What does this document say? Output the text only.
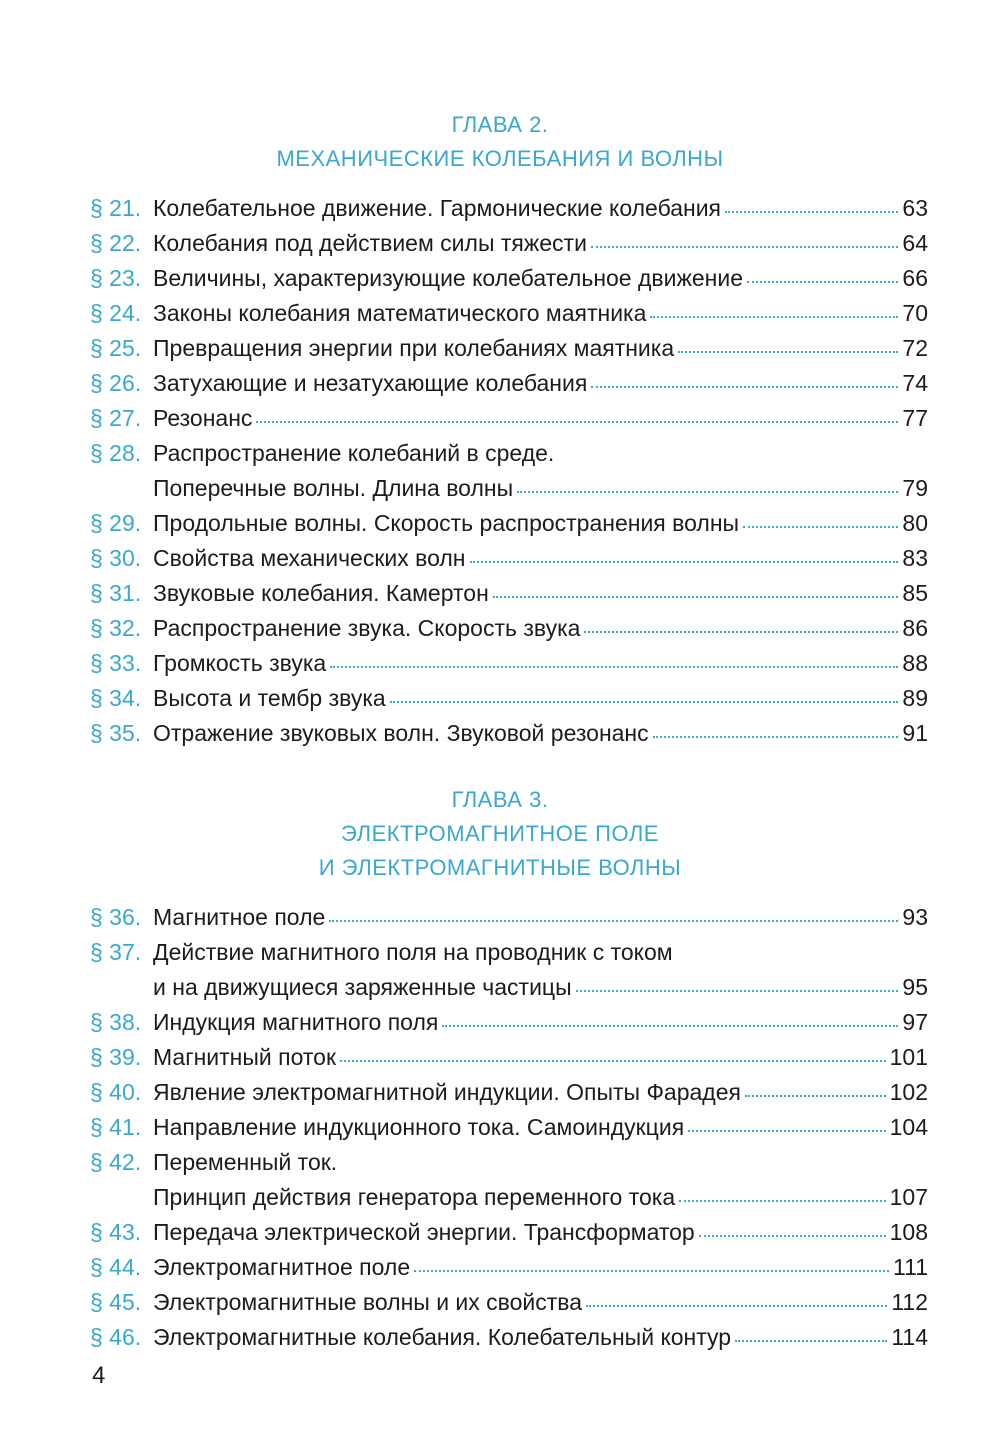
ГЛАВА 2.
МЕХАНИЧЕСКИЕ КОЛЕБАНИЯ И ВОЛНЫ
§ 21. Колебательное движение. Гармонические колебания	63
§ 22. Колебания под действием силы тяжести	64
§ 23. Величины, характеризующие колебательное движение	66
§ 24. Законы колебания математического маятника	70
§ 25. Превращения энергии при колебаниях маятника	72
§ 26. Затухающие и незатухающие колебания	74
§ 27. Резонанс	77
§ 28. Распространение колебаний в среде.
Поперечные волны. Длина волны	79
§ 29. Продольные волны. Скорость распространения волны	80
§ 30. Свойства механических волн	83
§ 31. Звуковые колебания. Камертон	85
§ 32. Распространение звука. Скорость звука	86
§ 33. Громкость звука	88
§ 34. Высота и тембр звука	89
§ 35. Отражение звуковых волн. Звуковой резонанс	91
ГЛАВА 3.
ЭЛЕКТРОМАГНИТНОЕ ПОЛЕ
И ЭЛЕКТРОМАГНИТНЫЕ ВОЛНЫ
§ 36. Магнитное поле	93
§ 37. Действие магнитного поля на проводник с током
и на движущиеся заряженные частицы	95
§ 38. Индукция магнитного поля	97
§ 39. Магнитный поток	101
§ 40. Явление электромагнитной индукции. Опыты Фарадея	102
§ 41. Направление индукционного тока. Самоиндукция	104
§ 42. Переменный ток.
Принцип действия генератора переменного тока	107
§ 43. Передача электрической энергии. Трансформатор	108
§ 44. Электромагнитное поле	111
§ 45. Электромагнитные волны и их свойства	112
§ 46. Электромагнитные колебания. Колебательный контур	114
4
